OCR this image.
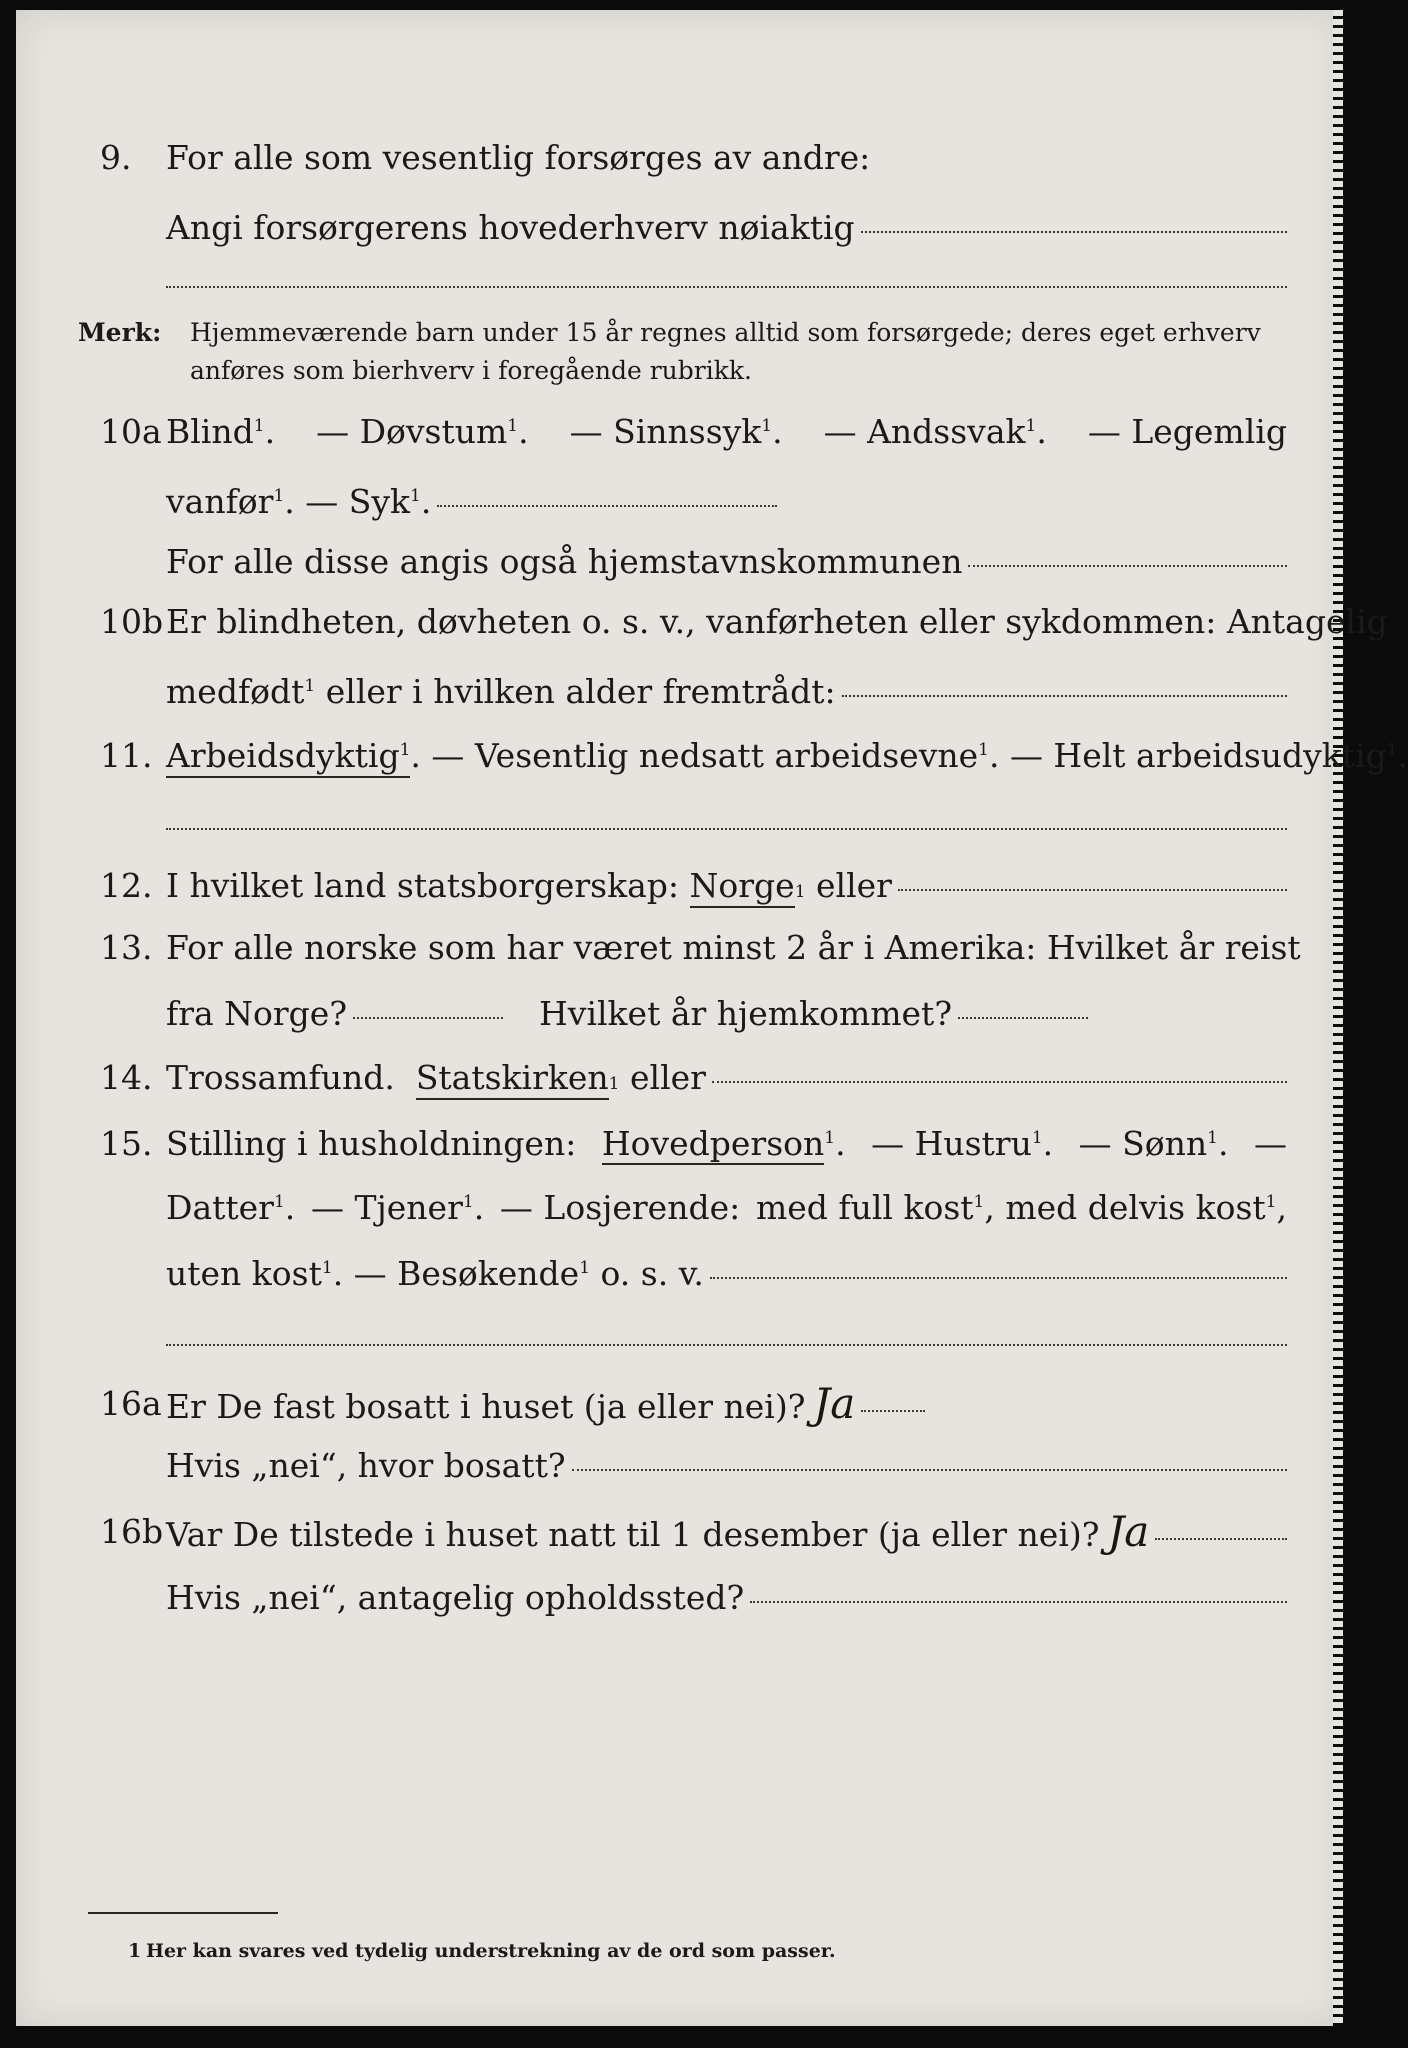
9. For alle som vesentlig forsørges av andre:
Angi forsørgerens hovederhverv nøiaktig
Merk: Hjemmeværende barn under 15 år regnes alltid som forsørgede; deres eget erhverv
anføres som bierhverv i foregående rubrikk.
10a Blind$^1$. — Døvstum$^1$. — Sinnssyk$^1$. — Andssvak$^1$. — Legemlig
vanfør$^1$. — Syk$^1$.
For alle disse angis også hjemstavnskommunen
10b Er blindheten, døvheten o. s. v., vanførheten eller sykdommen: Antagelig
medfødt$^1$ eller i hvilken alder fremtrådt:
11. Arbeidsdyktig$^1$ . — Vesentlig nedsatt arbeidsevne$^1$. — Helt arbeidsudyktig$^1$.
12. I hvilket land statsborgerskap:
Norge 1
eller
13. For alle norske som har været minst 2 år i Amerika: Hvilket år reist
fra Norge?	Hvilket år hjemkommet?
14. Trossamfund.
Statskirken 1
eller
15. Stilling i husholdningen: Hovedperson$^1$. — Hustru$^1$. — Sønn$^1$. —
Datter$^1$. — Tjener$^1$. — Losjerende: med full kost$^1$, med delvis kost$^1$,
uten kost$^1$. — Besøkende$^1$ o. s. v.
16a Er De fast bosatt i huset (ja eller nei)? Ja
Hvis „nei“, hvor bosatt?
16b Var De tilstede i huset natt til 1 desember (ja eller nei)? Ja
Hvis „nei“, antagelig opholdssted?
1 Her kan svares ved tydelig understrekning av de ord som passer.
